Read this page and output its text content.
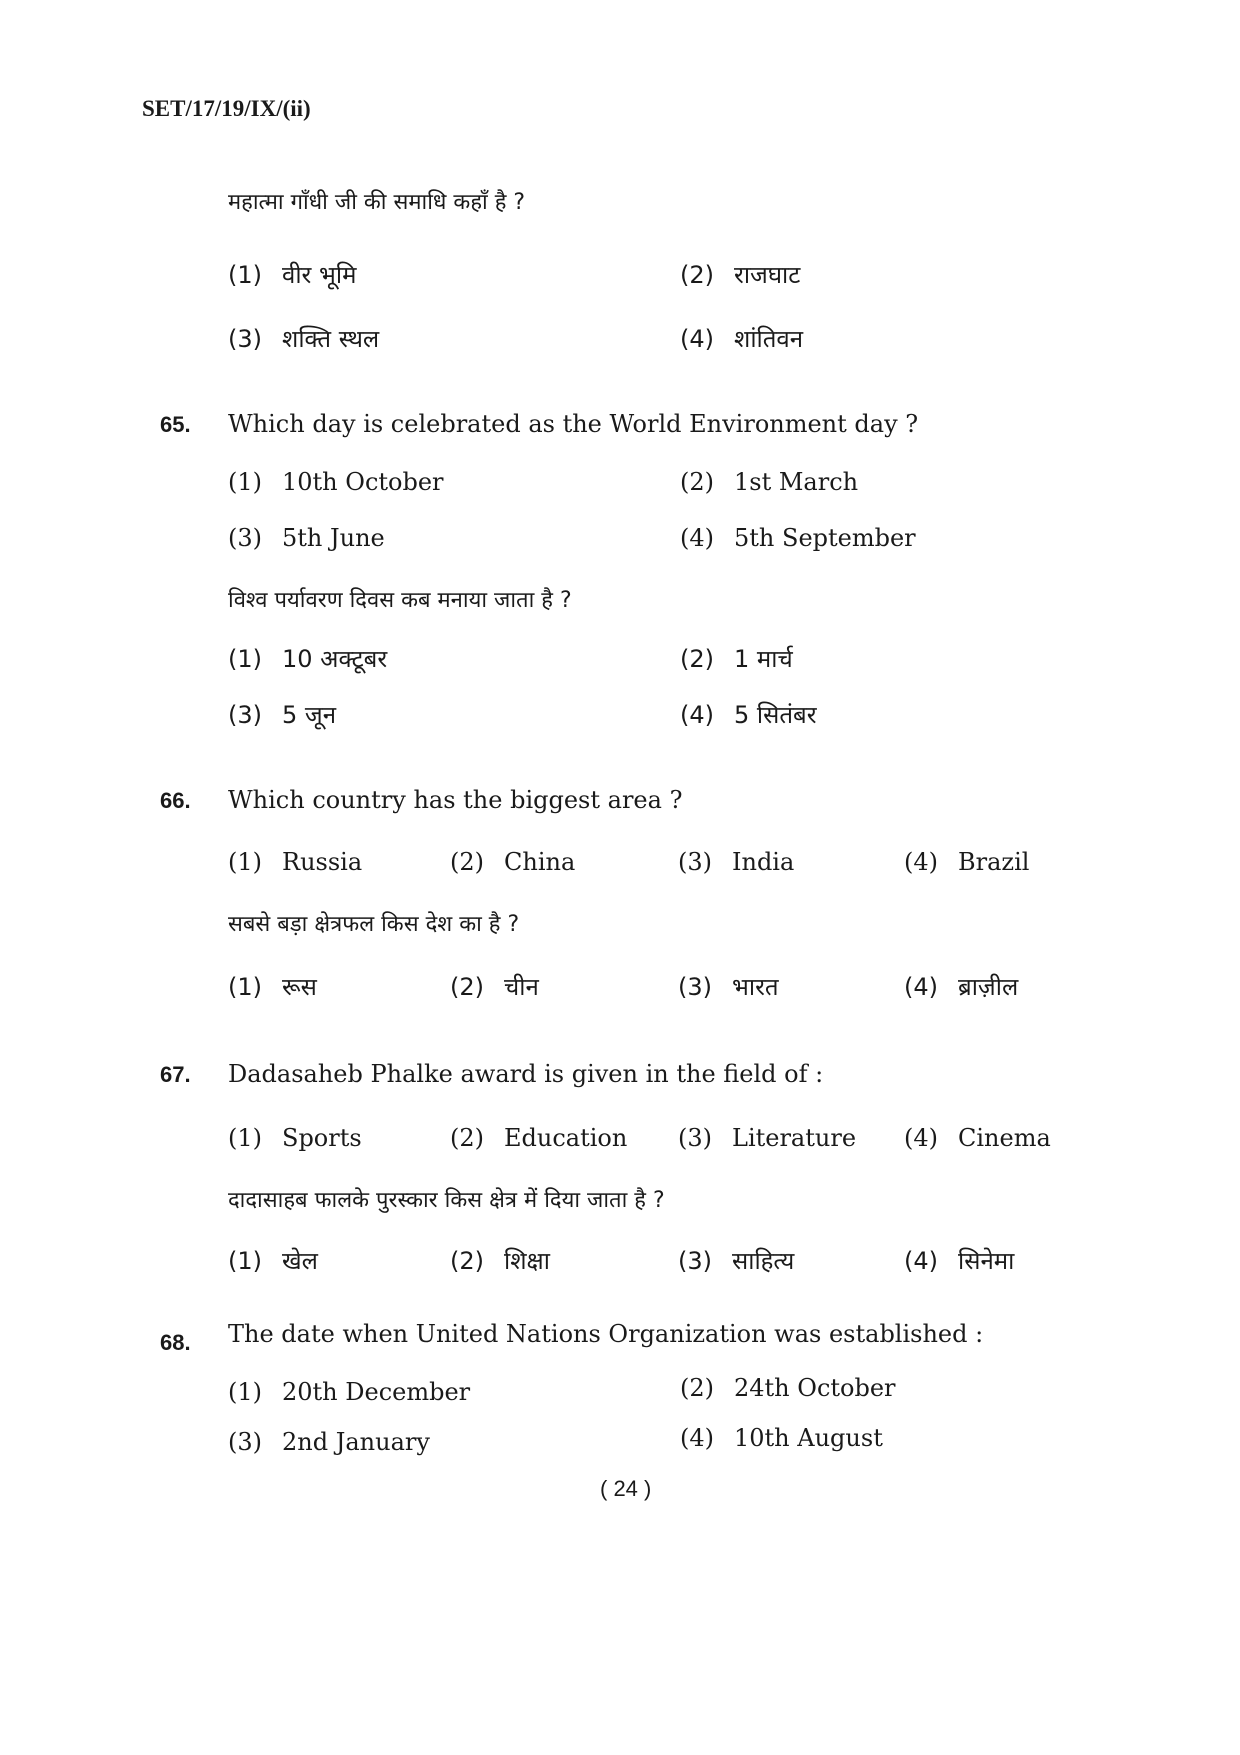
SET/17/19/IX/(ii)
महात्मा गाँधी जी की समाधि कहाँ है ?
(1) वीर भूमि	(2) राजघाट
(3) शक्ति स्थल	(4) शांतिवन
65. Which day is celebrated as the World Environment day ?
(1) 10th October	(2) 1st March
(3) 5th June	(4) 5th September
विश्व पर्यावरण दिवस कब मनाया जाता है ?
(1) 10 अक्टूबर	(2) 1 मार्च
(3) 5 जून	(4) 5 सितंबर
66. Which country has the biggest area ?
(1) Russia	(2) China	(3) India	(4) Brazil
सबसे बड़ा क्षेत्रफल किस देश का है ?
(1) रूस	(2) चीन	(3) भारत	(4) ब्राज़ील
67. Dadasaheb Phalke award is given in the field of :
(1) Sports	(2) Education (3) Literature (4) Cinema
दादासाहब फालके पुरस्कार किस क्षेत्र में दिया जाता है ?
(1) खेल	(2) शिक्षा	(3) साहित्य	(4) सिनेमा
68. The date when United Nations Organization was established :
(1) 20th December	(2) 24th October
(3) 2nd January	(4) 10th August
( 24 )
